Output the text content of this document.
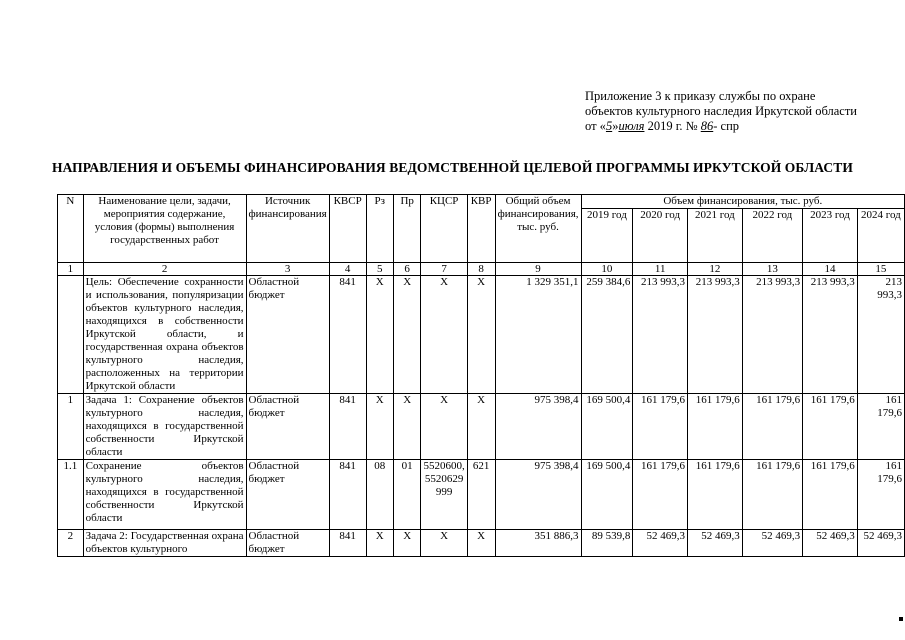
Приложение 3 к приказу службы по охране
объектов культурного наследия Иркутской области
от «5»июля 2019 г. № 86- спр
НАПРАВЛЕНИЯ И ОБЪЕМЫ ФИНАНСИРОВАНИЯ ВЕДОМСТВЕННОЙ ЦЕЛЕВОЙ ПРОГРАММЫ ИРКУТСКОЙ ОБЛАСТИ
N	Наименование цели, задачи, мероприятия содержание, условия (формы) выполнения государственных работ	Источник финансирования	КВСР	Рз	Пр	КЦСР	КВР	Общий объем финансирования, тыс. руб.	Объем финансирования, тыс. руб.					
									2019 год	2020 год	2021 год	2022 год	2023 год	2024 год
1	2	3	4	5	6	7	8	9	10	11	12	13	14	15
	Цель: Обеспечение сохранности и использования, популяризации объектов культурного наследия, находящихся в собственности Иркутской области, и государственная охрана объектов культурного наследия, расположенных на территории Иркутской области	Областной бюджет	841	Х	Х	Х	Х	1 329 351,1	259 384,6	213 993,3	213 993,3	213 993,3	213 993,3	213 993,3
1	Задача 1: Сохранение объектов культурного наследия, находящихся в государственной собственности Иркутской области	Областной бюджет	841	Х	Х	Х	Х	975 398,4	169 500,4	161 179,6	161 179,6	161 179,6	161 179,6	161 179,6
1.1	Сохранение объектов культурного наследия, находящихся в государственной собственности Иркутской области	Областной бюджет	841	08	01	5520600, 5520629 999	621	975 398,4	169 500,4	161 179,6	161 179,6	161 179,6	161 179,6	161 179,6
2	Задача 2: Государственная охрана объектов культурного	Областной бюджет	841	Х	Х	Х	Х	351 886,3	89 539,8	52 469,3	52 469,3	52 469,3	52 469,3	52 469,3
